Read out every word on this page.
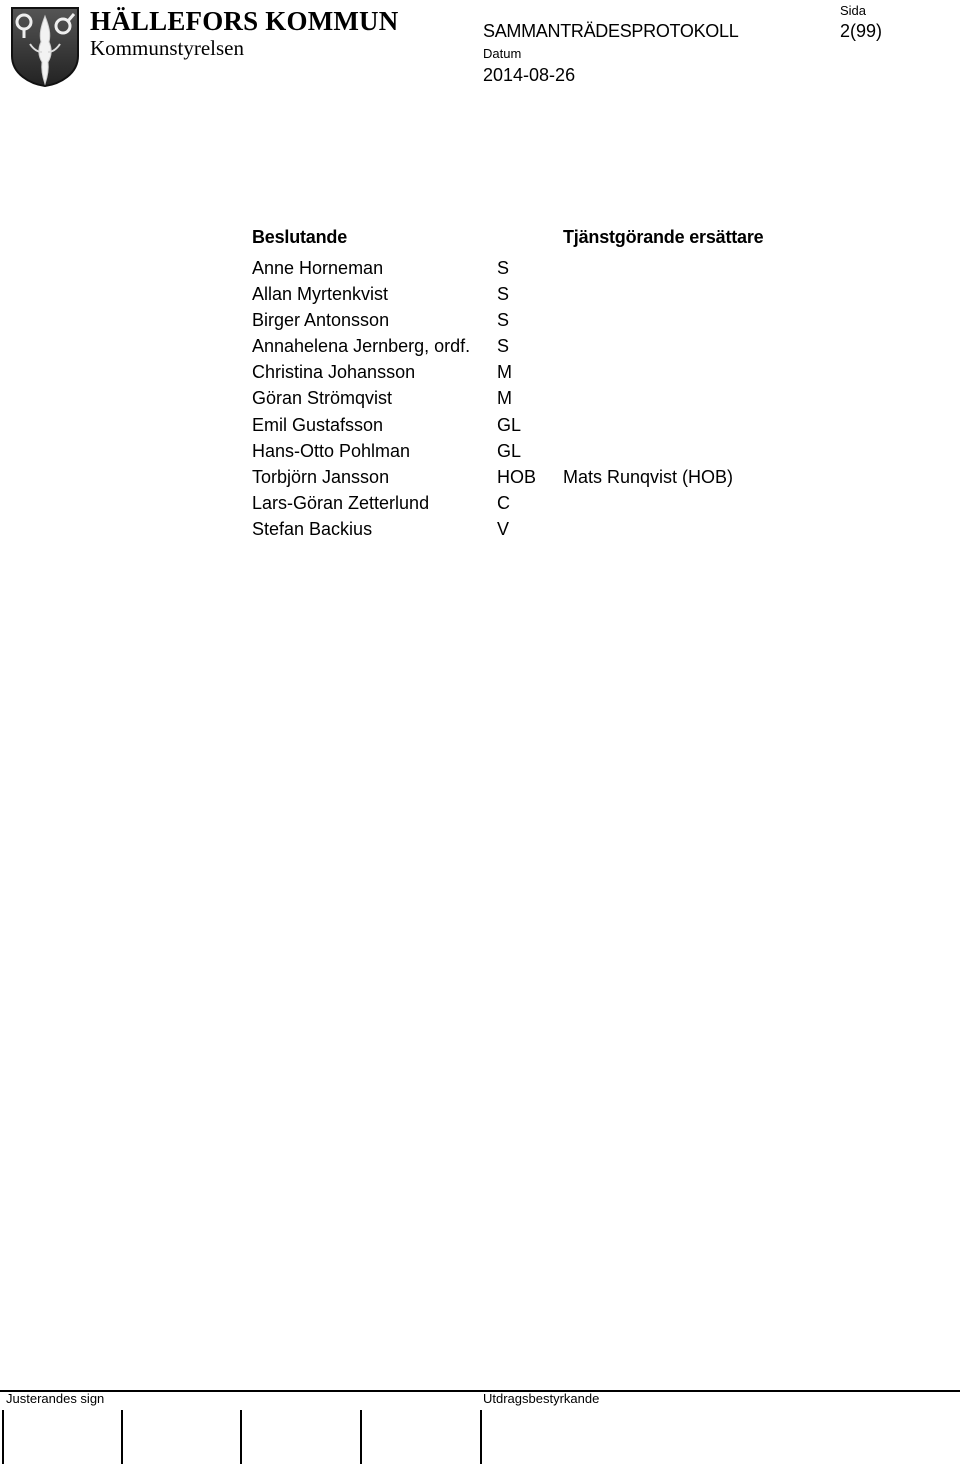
HÄLLEFORS KOMMUN
Kommunstyrelsen
Sida
SAMMANTRÄDESPROTOKOLL	2(99)
Datum
2014-08-26
Beslutande	Tjänstgörande ersättare
Anne Horneman	S
Allan Myrtenkvist	S
Birger Antonsson	S
Annahelena Jernberg, ordf. S
Christina Johansson	M
Göran Strömqvist	M
Emil Gustafsson	GL
Hans-Otto Pohlman	GL
Torbjörn Jansson	HOB Mats Runqvist (HOB)
Lars-Göran Zetterlund	C
Stefan Backius	V
Justerandes sign	Utdragsbestyrkande
